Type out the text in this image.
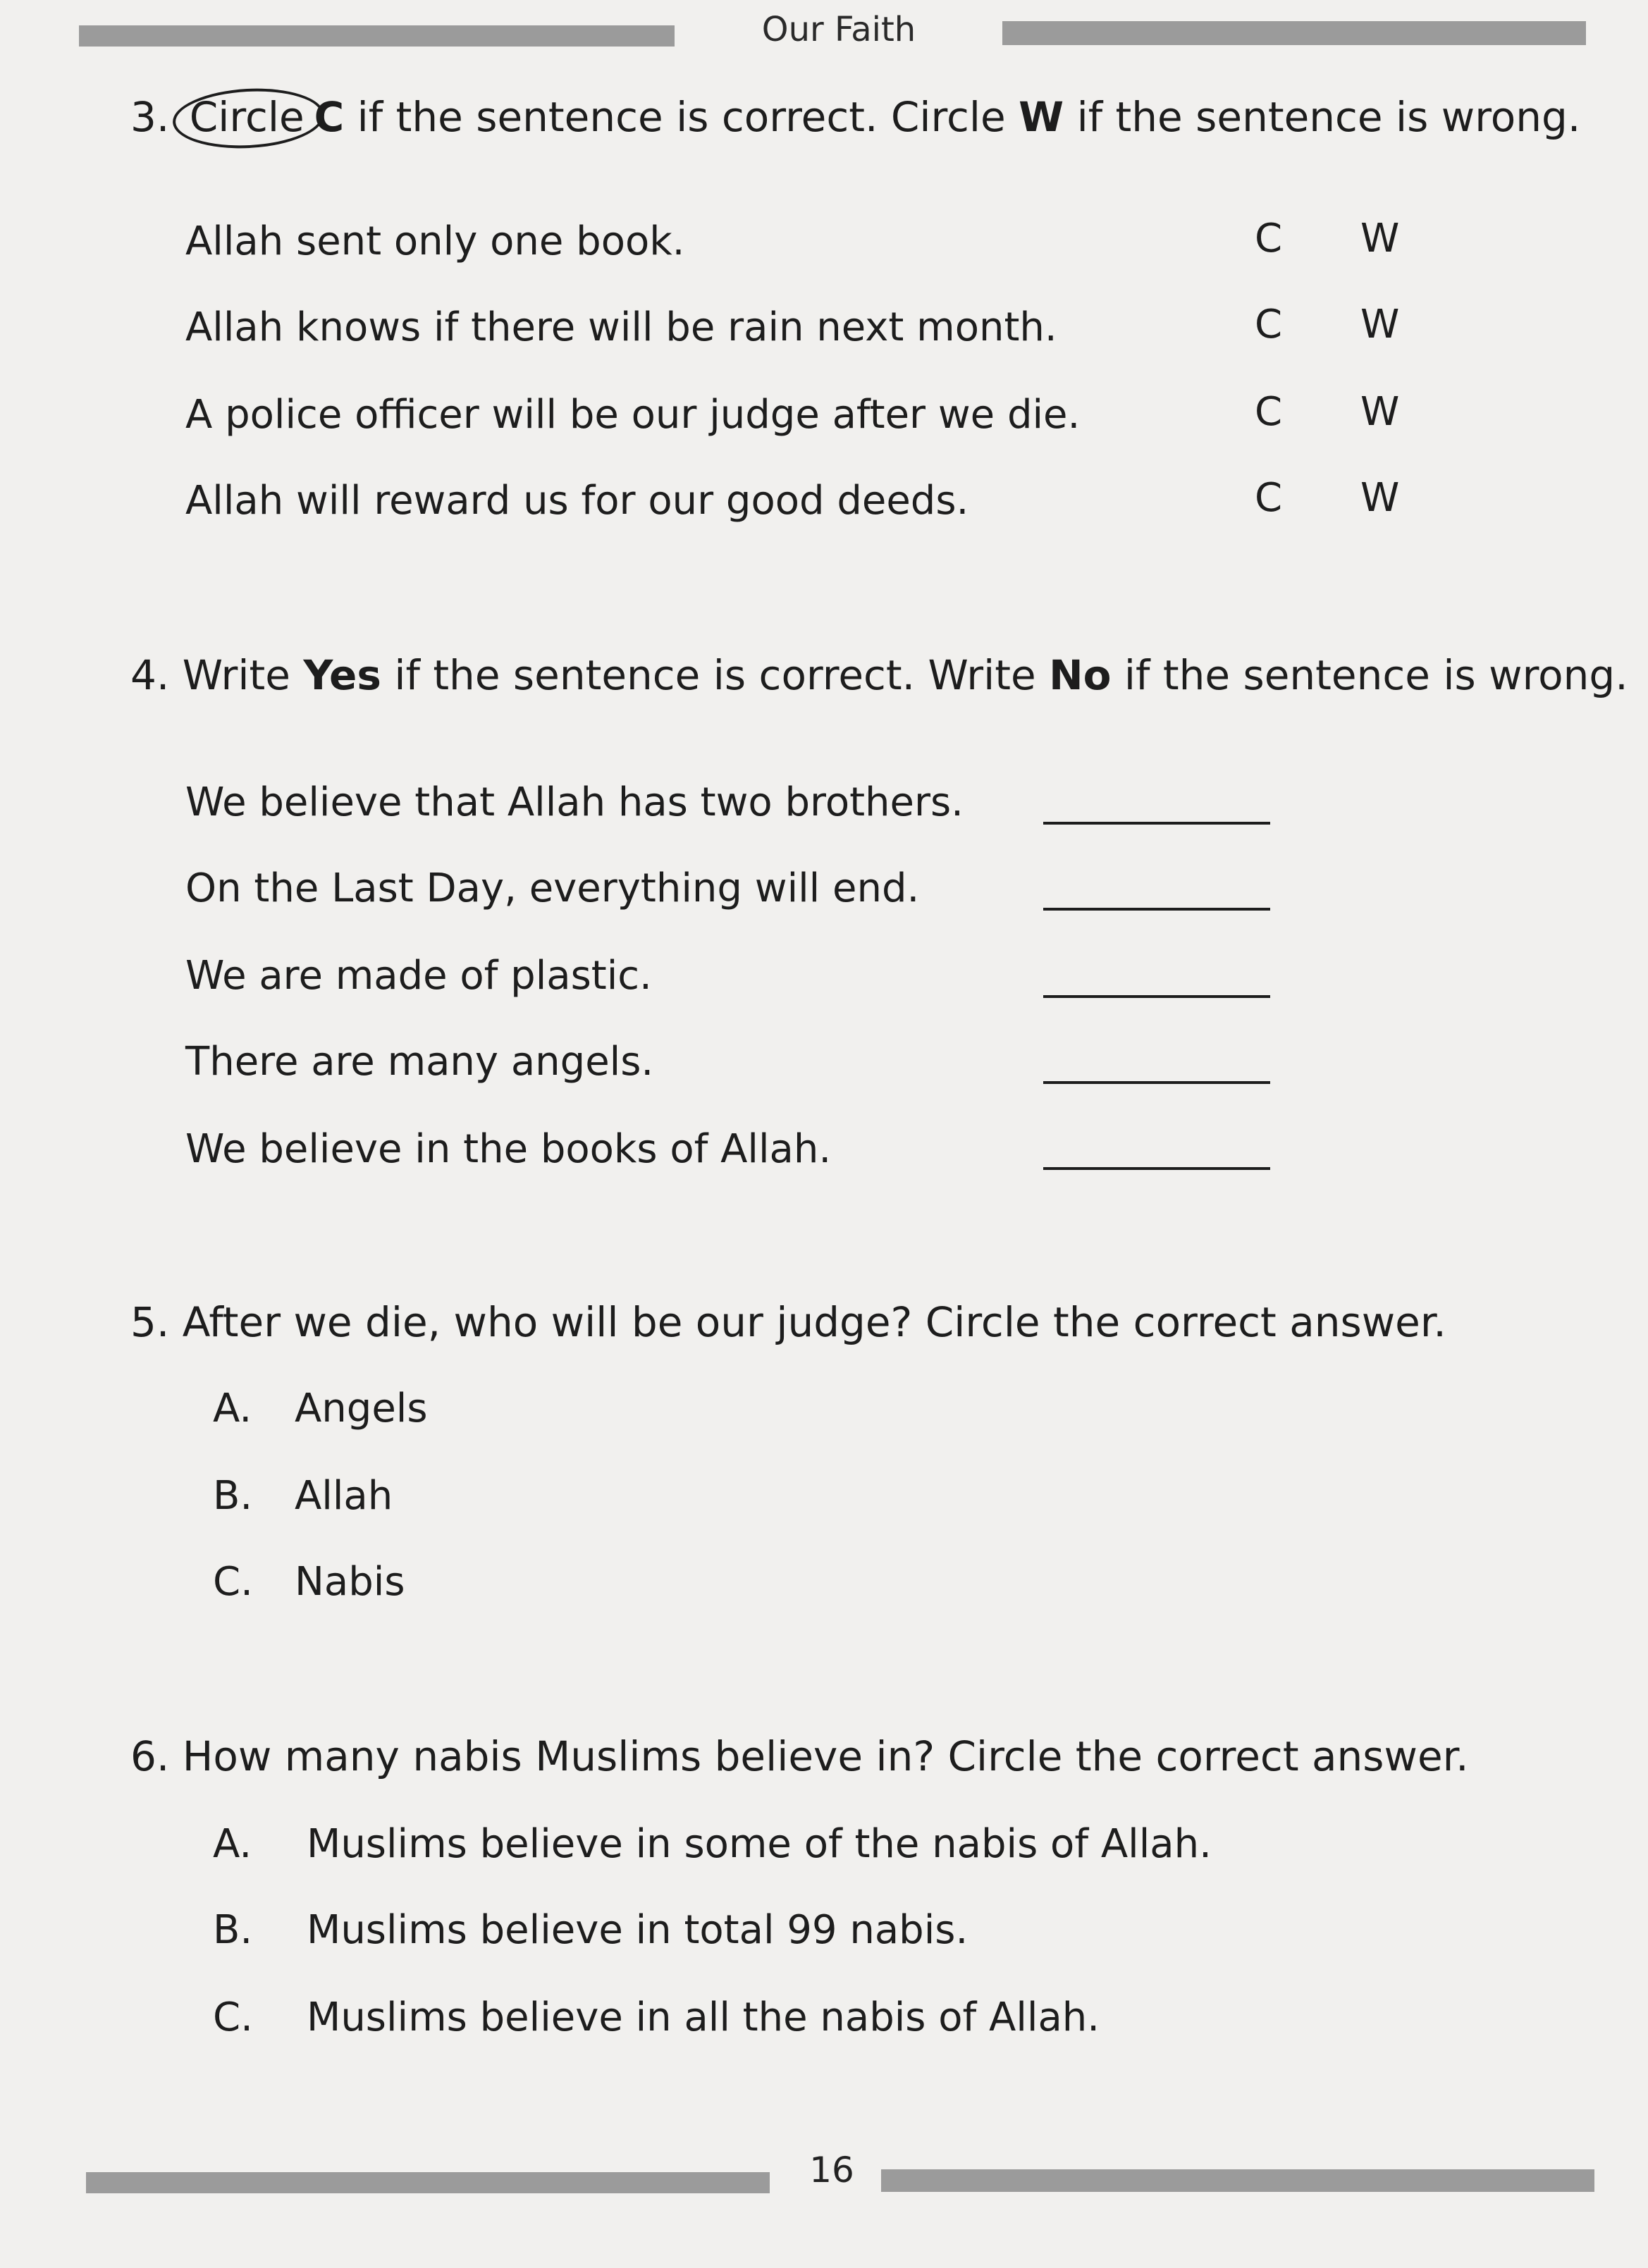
Our Faith
3. Circle C if the sentence is correct. Circle W if the sentence is wrong.
Allah sent only one book.	C W
Allah knows if there will be rain next month.	C W
A police officer will be our judge after we die.	C W
Allah will reward us for our good deeds.	C W
4. Write Yes if the sentence is correct. Write No if the sentence is wrong.
We believe that Allah has two brothers.
On the Last Day, everything will end.
We are made of plastic.
There are many angels.
We believe in the books of Allah.
5. After we die, who will be our judge? Circle the correct answer.
A. Angels
B. Allah
C. Nabis
6. How many nabis Muslims believe in? Circle the correct answer.
A. Muslims believe in some of the nabis of Allah.
B. Muslims believe in total 99 nabis.
C. Muslims believe in all the nabis of Allah.
16
